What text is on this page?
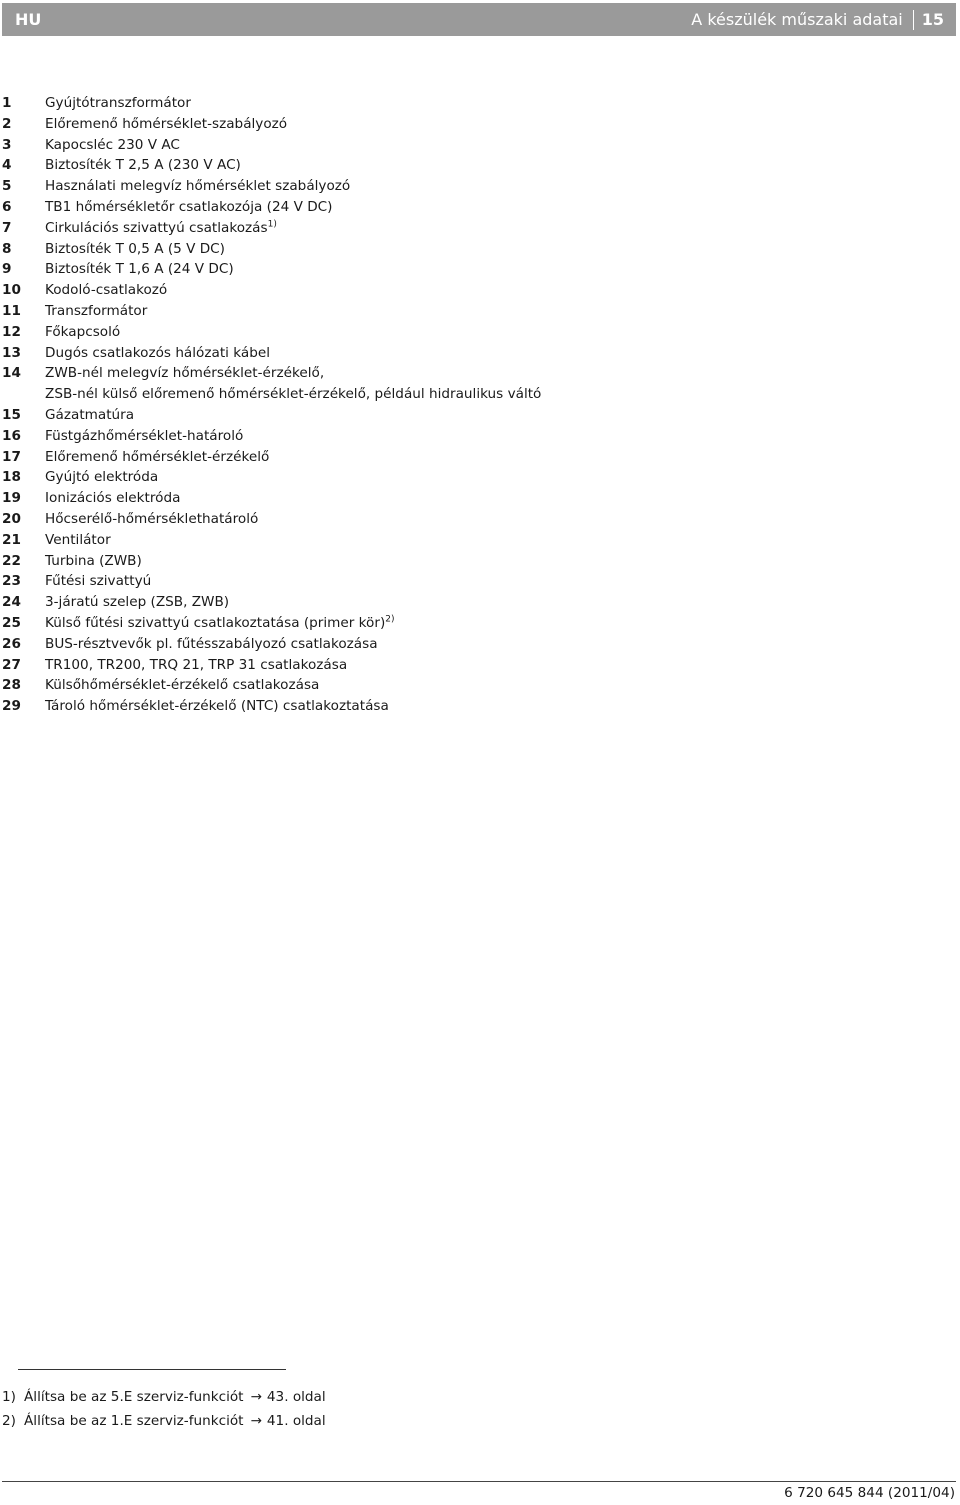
HU	A készülék műszaki adatai 15
1	Gyújtótranszformátor
2	Előremenő hőmérséklet-szabályozó
3	Kapocsléc 230 V AC
4	Biztosíték T 2,5 A (230 V AC)
5	Használati melegvíz hőmérséklet szabályozó
6	TB1 hőmérsékletőr csatlakozója (24 V DC)
7	Cirkulációs szivattyú csatlakozás$^{1)}$
8	Biztosíték T 0,5 A (5 V DC)
9	Biztosíték T 1,6 A (24 V DC)
10	Kodoló-csatlakozó
11	Transzformátor
12	Főkapcsoló
13	Dugós csatlakozós hálózati kábel
14	ZWB-nél melegvíz hőmérséklet-érzékelő,
ZSB-nél külső előremenő hőmérséklet-érzékelő, például hidraulikus váltó
15	Gázatmatúra
16	Füstgázhőmérséklet-határoló
17	Előremenő hőmérséklet-érzékelő
18	Gyújtó elektróda
19	Ionizációs elektróda
20	Hőcserélő-hőmérséklethatároló
21	Ventilátor
22	Turbina (ZWB)
23	Fűtési szivattyú
24	3-járatú szelep (ZSB, ZWB)
25	Külső fűtési szivattyú csatlakoztatása (primer kör)$^{2)}$
26	BUS-résztvevők pl. fűtésszabályozó csatlakozása
27	TR100, TR200, TRQ 21, TRP 31 csatlakozása
28	Külsőhőmérséklet-érzékelő csatlakozása
29	Tároló hőmérséklet-érzékelő (NTC) csatlakoztatása
1) Állítsa be az 5.E szerviz-funkciót → 43. oldal
2) Állítsa be az 1.E szerviz-funkciót → 41. oldal
6 720 645 844 (2011/04)
